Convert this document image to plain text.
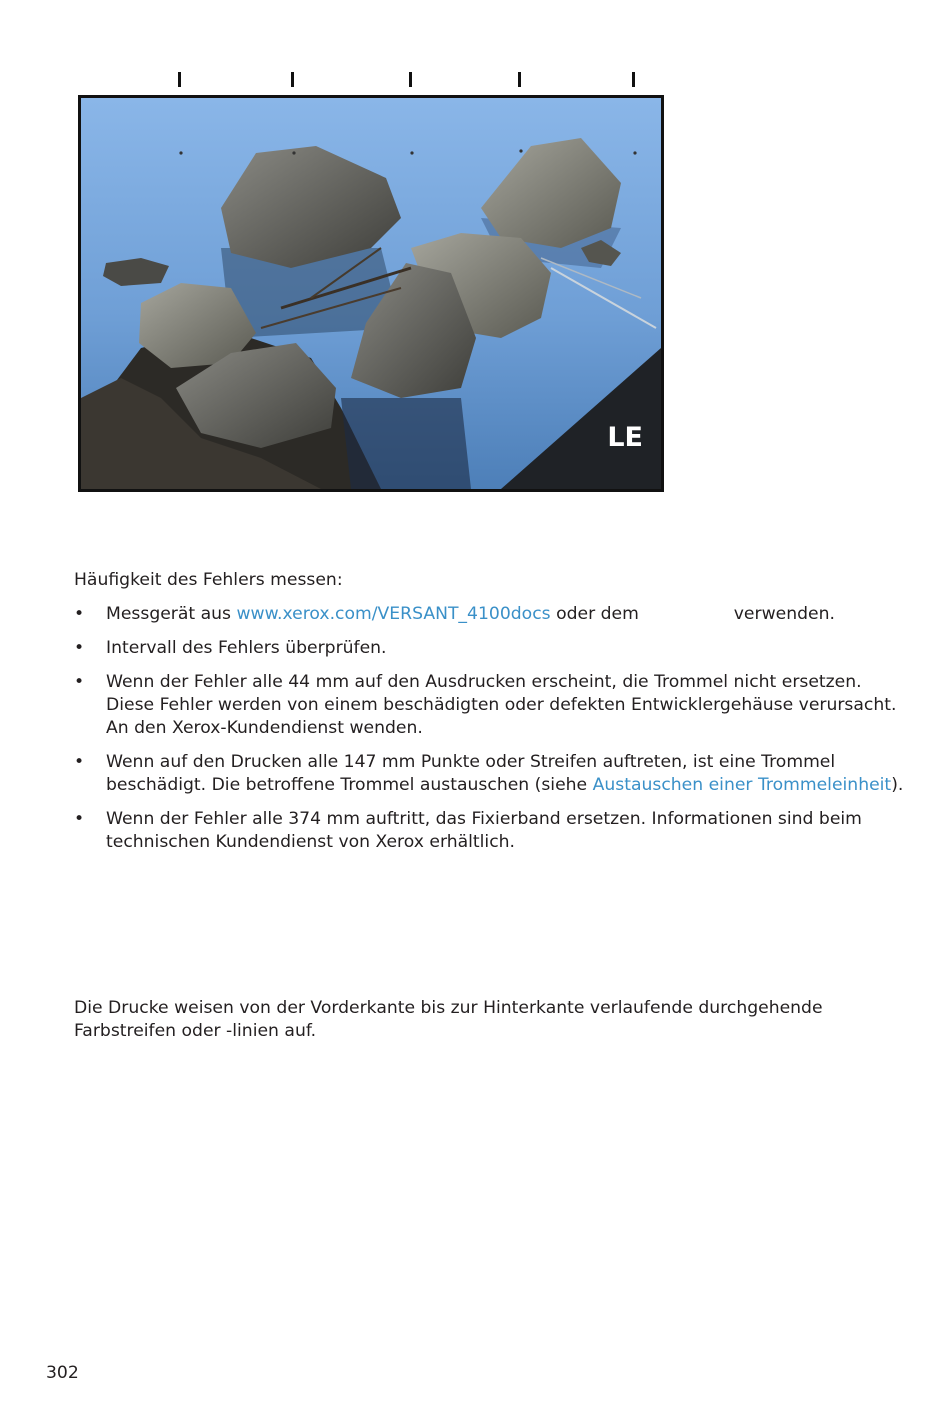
LE
Häufigkeit des Fehlers messen:
• Messgerät aus www.xerox.com/VERSANT_4100docs oder dem	verwenden.
• Intervall des Fehlers überprüfen.
• Wenn der Fehler alle 44 mm auf den Ausdrucken erscheint, die Trommel nicht ersetzen. Diese Fehler werden von einem beschädigten oder defekten Entwicklergehäuse verursacht. An den Xerox-Kundendienst wenden.
• Wenn auf den Drucken alle 147 mm Punkte oder Streifen auftreten, ist eine Trommel beschädigt. Die betroffene Trommel austauschen (siehe Austauschen einer Trommeleinheit).
• Wenn der Fehler alle 374 mm auftritt, das Fixierband ersetzen. Informationen sind beim technischen Kundendienst von Xerox erhältlich.
Die Drucke weisen von der Vorderkante bis zur Hinterkante verlaufende durchgehende Farbstreifen oder -linien auf.
302
